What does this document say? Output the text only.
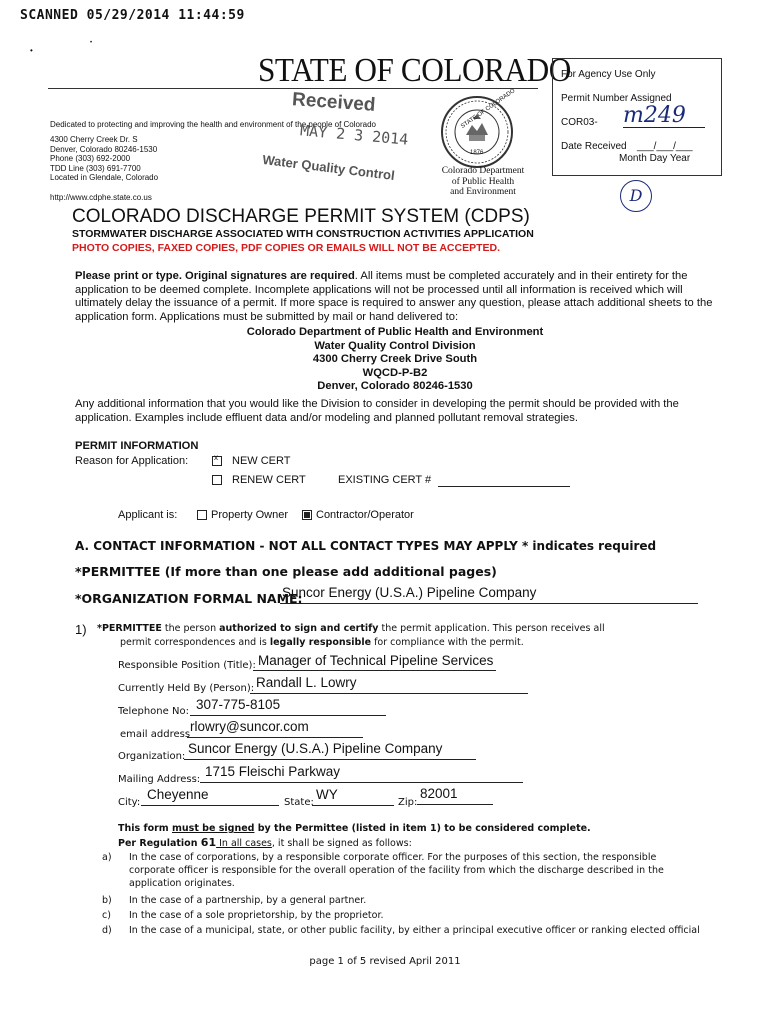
SCANNED 05/29/2014 11:44:59
•
•
STATE OF COLORADO
Dedicated to protecting and improving the health and environment of the people of Colorado
4300 Cherry Creek Dr. S
Denver, Colorado 80246-1530
Phone (303) 692-2000
TDD Line (303) 691-7700
Located in Glendale, Colorado
http://www.cdphe.state.co.us
Received
MAY 2 3 2014
Water Quality Control
STATE OF COLORADO
1876
Colorado Department
of Public Health
and Environment
For Agency Use Only
Permit Number Assigned
COR03- m249
Date Received ___/___/___
Month Day Year
D
COLORADO DISCHARGE PERMIT SYSTEM (CDPS)
STORMWATER DISCHARGE ASSOCIATED WITH CONSTRUCTION ACTIVITIES APPLICATION
PHOTO COPIES, FAXED COPIES, PDF COPIES OR EMAILS WILL NOT BE ACCEPTED.
Please print or type. Original signatures are required. All items must be completed accurately and in their entirety for the application to be deemed complete. Incomplete applications will not be processed until all information is received which will ultimately delay the issuance of a permit. If more space is required to answer any question, please attach additional sheets to the application form. Applications must be submitted by mail or hand delivered to:
Colorado Department of Public Health and Environment
Water Quality Control Division
4300 Cherry Creek Drive South
WQCD-P-B2
Denver, Colorado 80246-1530
Any additional information that you would like the Division to consider in developing the permit should be provided with the application. Examples include effluent data and/or modeling and planned pollutant removal strategies.
PERMIT INFORMATION
Reason for Application: x	NEW CERT
RENEW CERT	EXISTING CERT #
Applicant is:	Property Owner	Contractor/Operator
A. CONTACT INFORMATION - NOT ALL CONTACT TYPES MAY APPLY * indicates required
*PERMITTEE (If more than one please add additional pages)
*ORGANIZATION FORMAL NAME:
Suncor Energy (U.S.A.) Pipeline Company
1) *PERMITTEE the person authorized to sign and certify the permit application. This person receives all
permit correspondences and is legally responsible for compliance with the permit.
Responsible Position (Title): Manager of Technical Pipeline Services
Currently Held By (Person): Randall L. Lowry
Telephone No: 307-775-8105
email address
rlowry@suncor.com
Organization:
Suncor Energy (U.S.A.) Pipeline Company
Mailing Address:
1715 Fleischi Parkway
City:
Cheyenne
State:
WY
Zip:
82001
This form must be signed by the Permittee (listed in item 1) to be considered complete.
Per Regulation 61 In all cases, it shall be signed as follows:
a) In the case of corporations, by a responsible corporate officer. For the purposes of this section, the responsible corporate officer is responsible for the overall operation of the facility from which the discharge described in the application originates.
b) In the case of a partnership, by a general partner.
c) In the case of a sole proprietorship, by the proprietor.
d) In the case of a municipal, state, or other public facility, by either a principal executive officer or ranking elected official
page 1 of 5 revised April 2011
